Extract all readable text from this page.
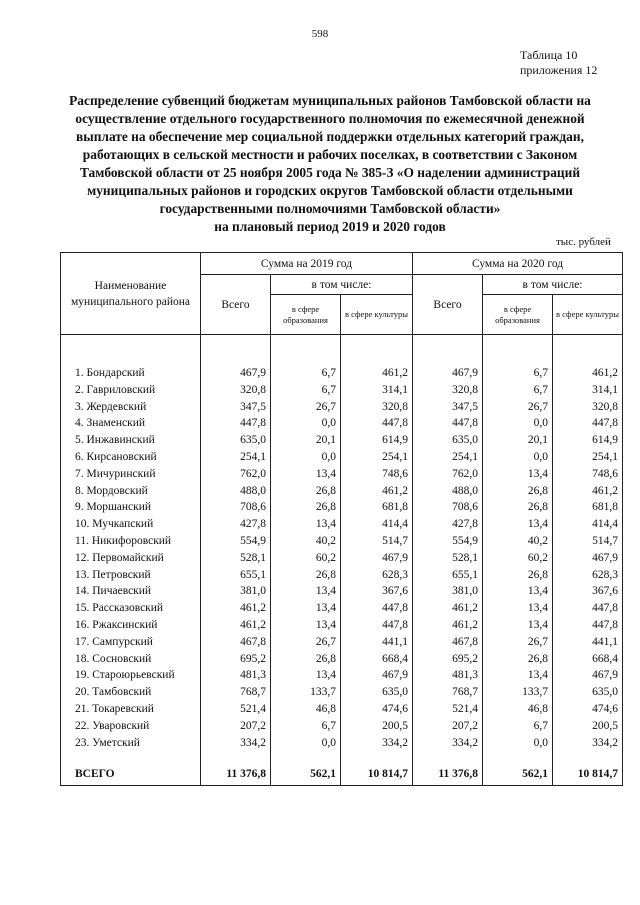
598
Таблица 10
приложения 12
Распределение субвенций бюджетам муниципальных районов Тамбовской области на
осуществление отдельного государственного полномочия по ежемесячной денежной
выплате на обеспечение мер социальной поддержки отдельных категорий граждан,
работающих в сельской местности и рабочих поселках, в соответствии с Законом
Тамбовской области от 25 ноября 2005 года № 385-З «О наделении администраций
муниципальных районов и городских округов Тамбовской области отдельными
государственными полномочиями Тамбовской области»
на плановый период 2019 и 2020 годов
тыс. рублей
Наименование муниципального района	Сумма на 2019 год			Сумма на 2020 год		
	Всего	в том числе:		Всего	в том числе:	
		в сфере образования	в сфере культуры		в сфере образования	в сфере культуры

1. Бондарский	467,9	6,7	461,2	467,9	6,7	461,2
2. Гавриловский	320,8	6,7	314,1	320,8	6,7	314,1
3. Жердевский	347,5	26,7	320,8	347,5	26,7	320,8
4. Знаменский	447,8	0,0	447,8	447,8	0,0	447,8
5. Инжавинский	635,0	20,1	614,9	635,0	20,1	614,9
6. Кирсановский	254,1	0,0	254,1	254,1	0,0	254,1
7. Мичуринский	762,0	13,4	748,6	762,0	13,4	748,6
8. Мордовский	488,0	26,8	461,2	488,0	26,8	461,2
9. Моршанский	708,6	26,8	681,8	708,6	26,8	681,8
10. Мучкапский	427,8	13,4	414,4	427,8	13,4	414,4
11. Никифоровский	554,9	40,2	514,7	554,9	40,2	514,7
12. Первомайский	528,1	60,2	467,9	528,1	60,2	467,9
13. Петровский	655,1	26,8	628,3	655,1	26,8	628,3
14. Пичаевский	381,0	13,4	367,6	381,0	13,4	367,6
15. Рассказовский	461,2	13,4	447,8	461,2	13,4	447,8
16. Ржаксинский	461,2	13,4	447,8	461,2	13,4	447,8
17. Сампурский	467,8	26,7	441,1	467,8	26,7	441,1
18. Сосновский	695,2	26,8	668,4	695,2	26,8	668,4
19. Староюрьевский	481,3	13,4	467,9	481,3	13,4	467,9
20. Тамбовский	768,7	133,7	635,0	768,7	133,7	635,0
21. Токаревский	521,4	46,8	474,6	521,4	46,8	474,6
22. Уваровский	207,2	6,7	200,5	207,2	6,7	200,5
23. Уметский	334,2	0,0	334,2	334,2	0,0	334,2

ВСЕГО	11 376,8	562,1	10 814,7	11 376,8	562,1	10 814,7
